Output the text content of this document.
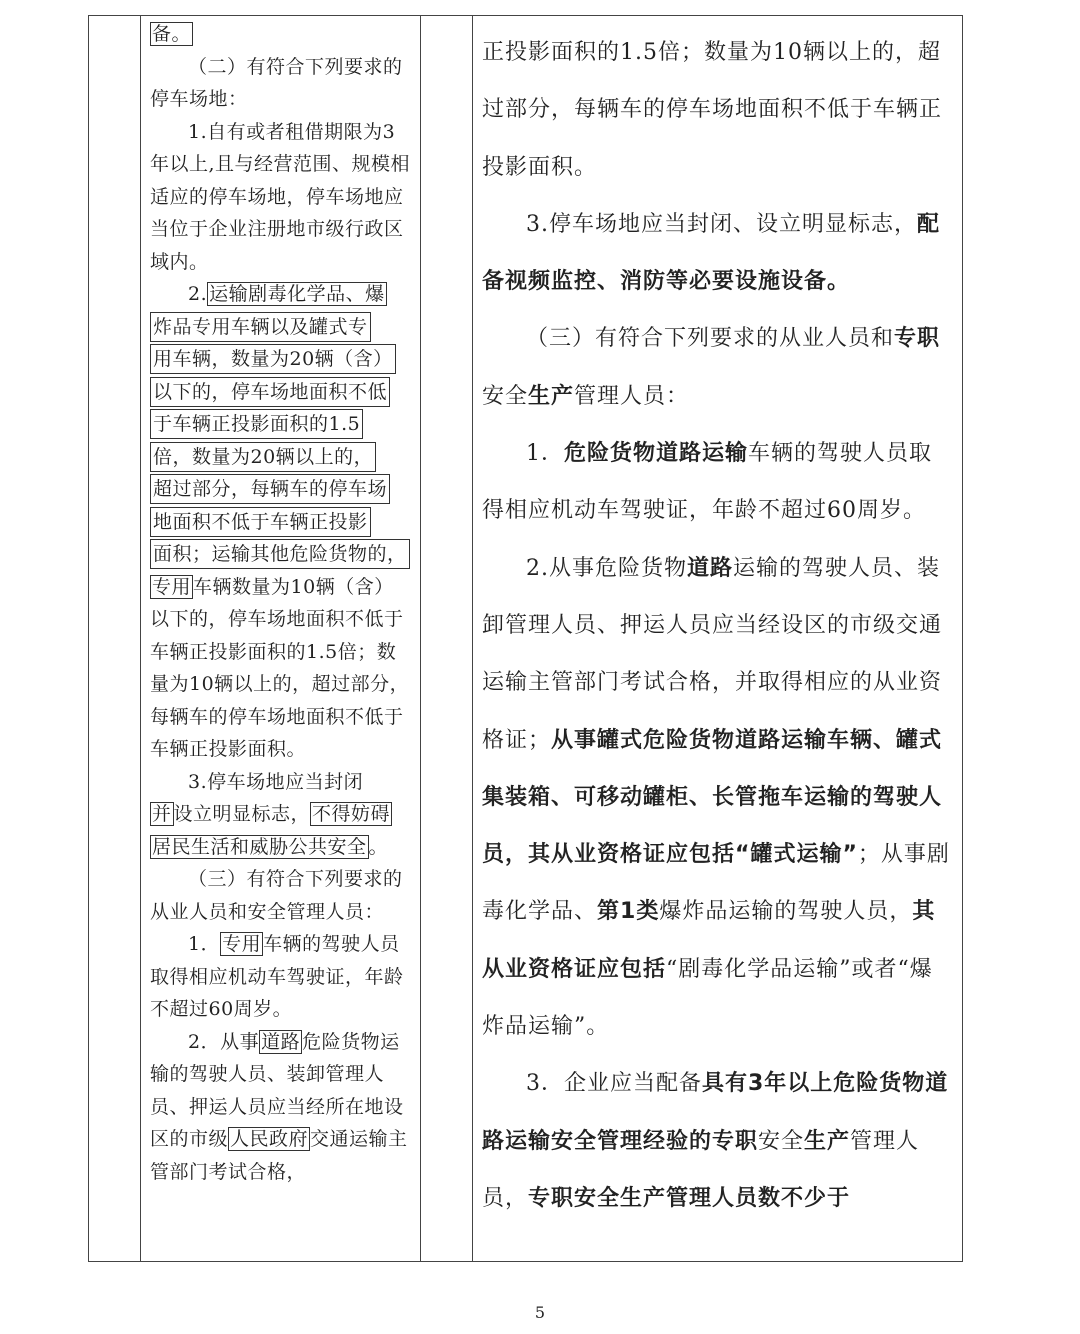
备。

（二）有符合下列要求的停车场地：

1.自有或者租借期限为3年以上,且与经营范围、规模相适应的停车场地，停车场地应当位于企业注册地市级行政区域内。

2. 运输剧毒化学品、爆

炸品专用车辆以及罐式专

用车辆，数量为20辆（含）

以下的，停车场地面积不低

于车辆正投影面积的1.5

倍，数量为20辆以上的，

超过部分，每辆车的停车场

地面积不低于车辆正投影

面积；运输其他危险货物的，

专用 车辆数量为10辆（含）以下的，停车场地面积不低于车辆正投影面积的1.5倍；数量为10辆以上的，超过部分，每辆车的停车场地面积不低于车辆正投影面积。

3.停车场地应当封闭

并 设立明显标志， 不得妨碍

居民生活和威胁公共安全 。

（三）有符合下列要求的从业人员和安全管理人员：

1． 专用 车辆的驾驶人员取得相应机动车驾驶证，年龄不超过60周岁。

2．从事 道路 危险货物运输的驾驶人员、装卸管理人员、押运人员应当经所在地设区的市级 人民政府 交通运输主管部门考试合格，

正投影面积的1.5倍；数量为10辆以上的，超过部分，每辆车的停车场地面积不低于车辆正投影面积。

3.停车场地应当封闭、设立明显标志，配备视频监控、消防等必要设施设备。

（三）有符合下列要求的从业人员和专职安全生产管理人员：

1．危险货物道路运输车辆的驾驶人员取得相应机动车驾驶证，年龄不超过60周岁。

2.从事危险货物道路运输的驾驶人员、装卸管理人员、押运人员应当经设区的市级交通运输主管部门考试合格，并取得相应的从业资格证；从事罐式危险货物道路运输车辆、罐式集装箱、可移动罐柜、长管拖车运输的驾驶人员，其从业资格证应包括“罐式运输”；从事剧毒化学品、第1类爆炸品运输的驾驶人员，其从业资格证应包括“剧毒化学品运输”或者“爆炸品运输”。

3．企业应当配备具有3年以上危险货物道路运输安全管理经验的专职安全生产管理人员，专职安全生产管理人员数不少于

5
